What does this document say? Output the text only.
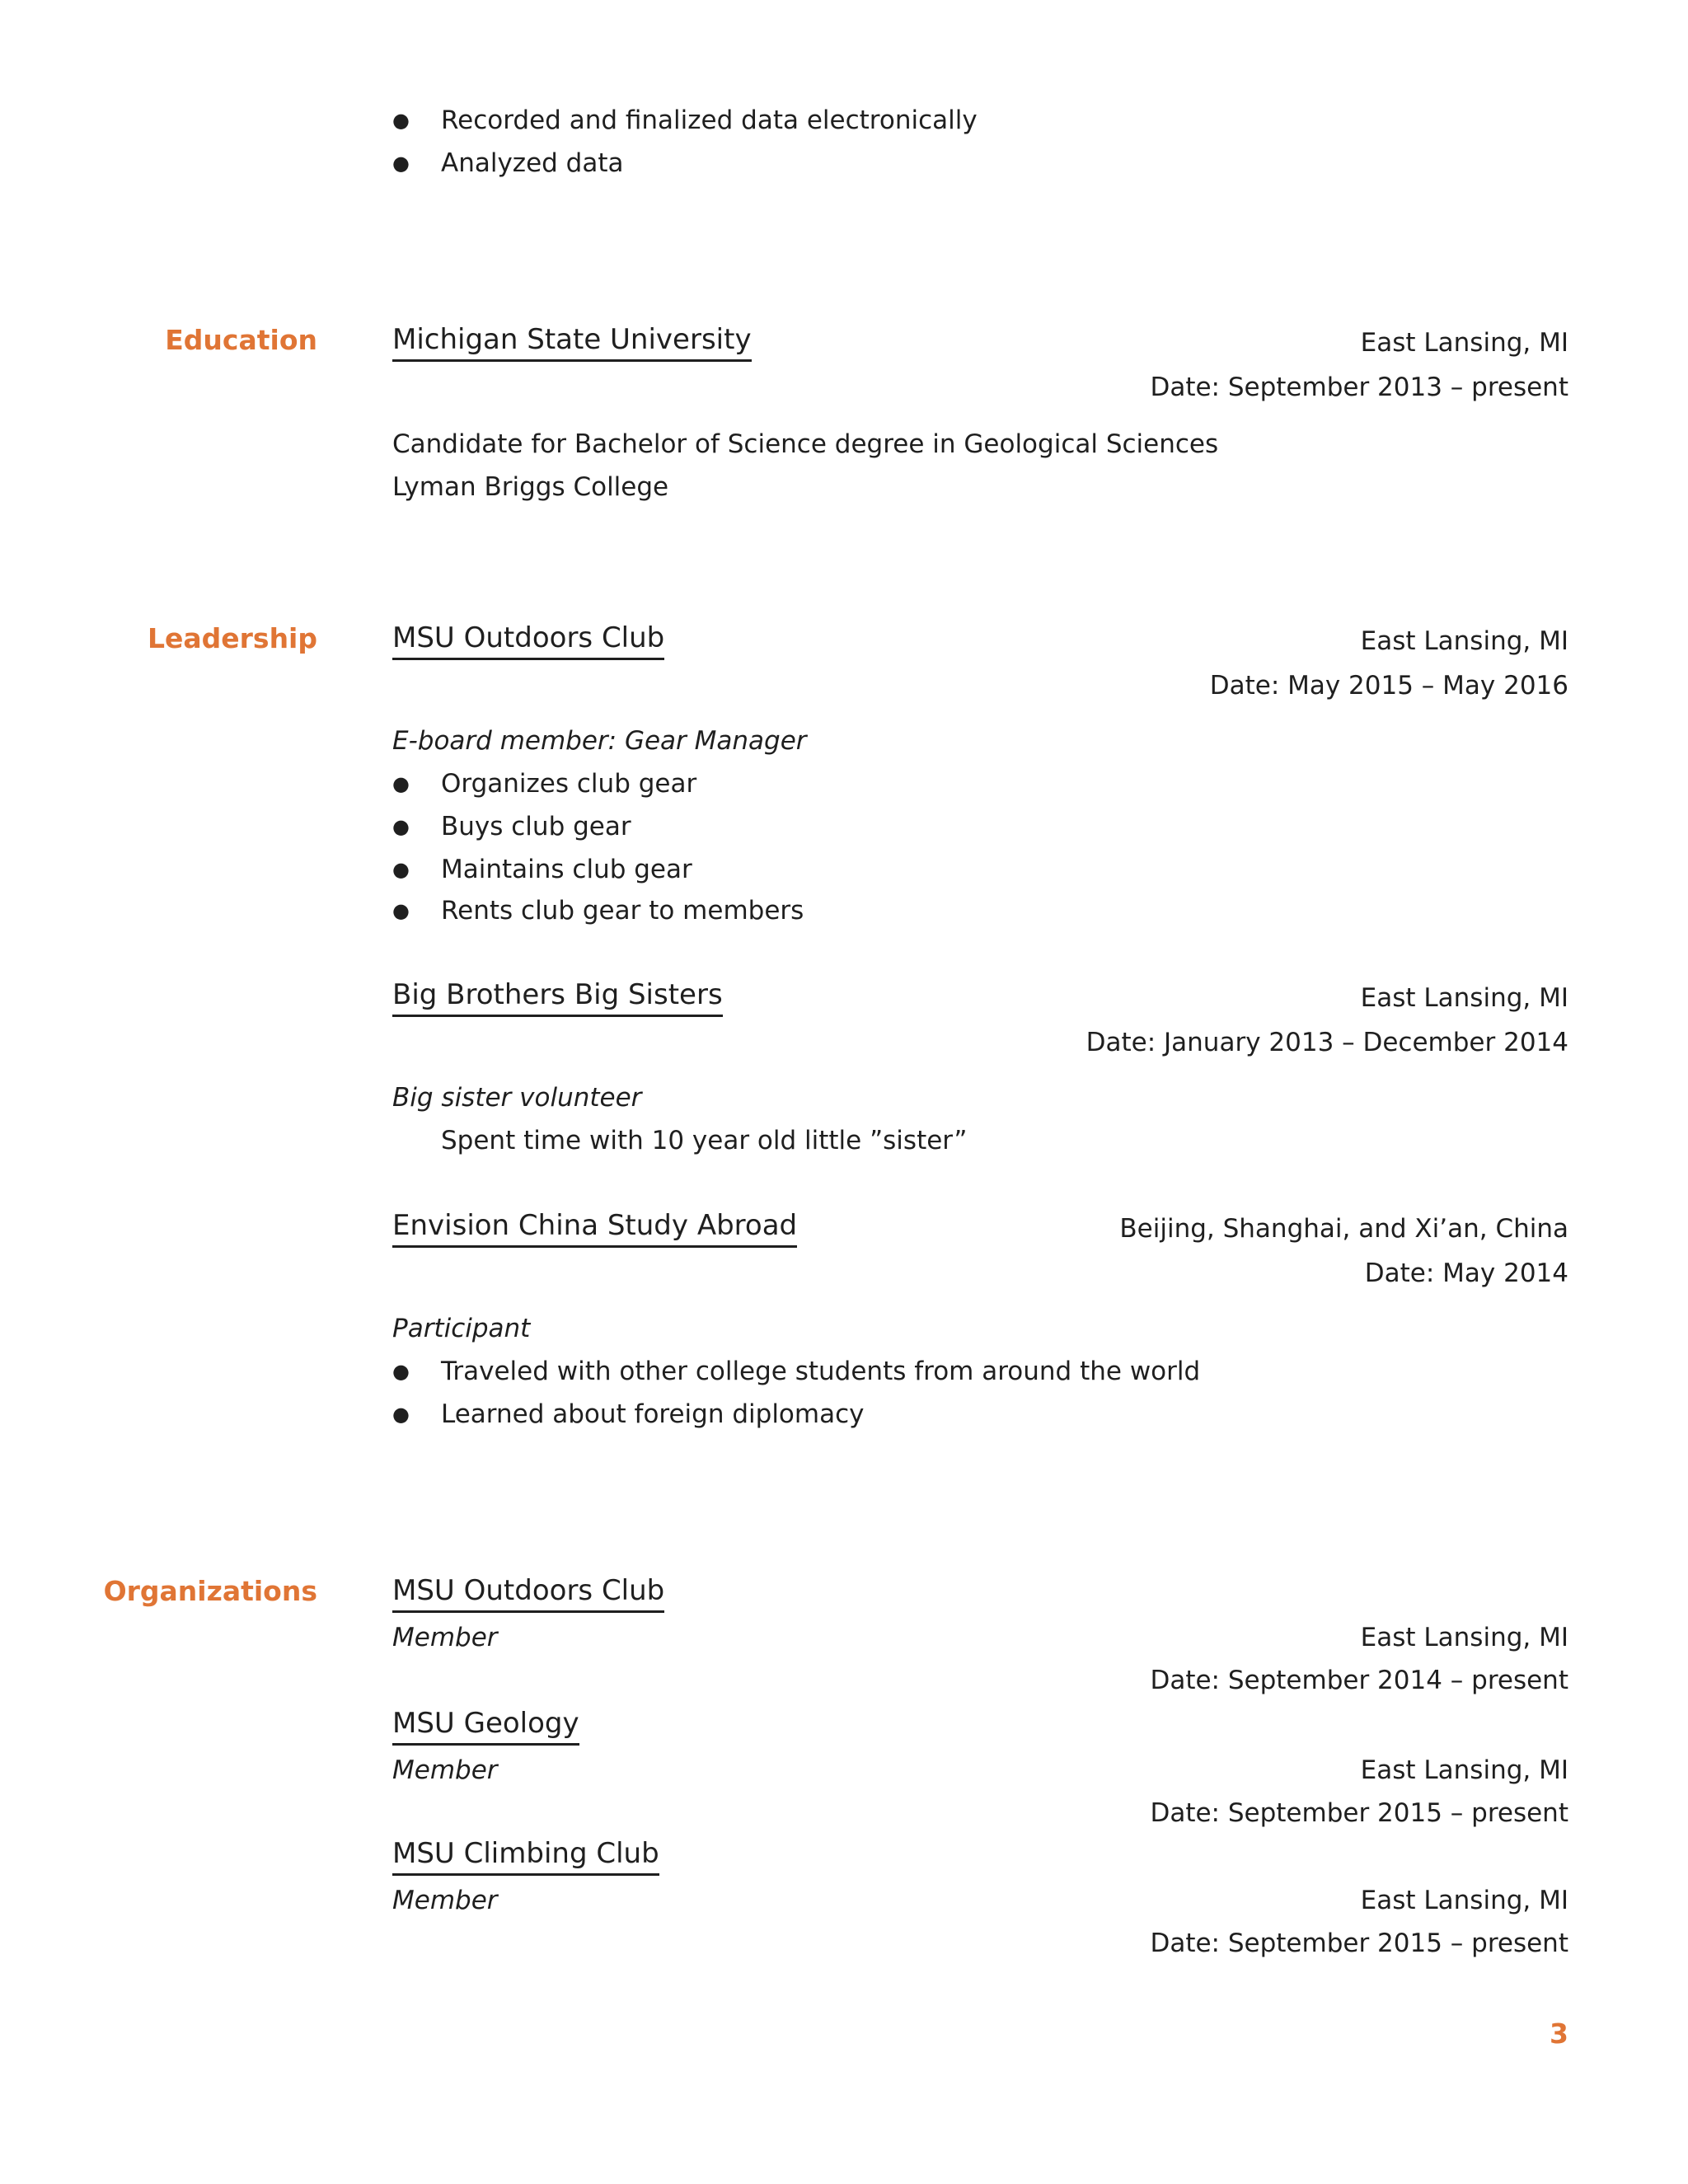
● Recorded and finalized data electronically
● Analyzed data
Education	Michigan State University	East Lansing, MI
Date: September 2013 – present
Candidate for Bachelor of Science degree in Geological Sciences
Lyman Briggs College
Leadership	MSU Outdoors Club	East Lansing, MI
Date: May 2015 – May 2016
E-board member: Gear Manager
● Organizes club gear
● Buys club gear
● Maintains club gear
● Rents club gear to members
Big Brothers Big Sisters	East Lansing, MI
Date: January 2013 – December 2014
Big sister volunteer
Spent time with 10 year old little ”sister”
Envision China Study Abroad	Beijing, Shanghai, and Xi’an, China
Date: May 2014
Participant
● Traveled with other college students from around the world
● Learned about foreign diplomacy
Organizations	MSU Outdoors Club
Member	East Lansing, MI
Date: September 2014 – present
MSU Geology
Member	East Lansing, MI
Date: September 2015 – present
MSU Climbing Club
Member	East Lansing, MI
Date: September 2015 – present
3
